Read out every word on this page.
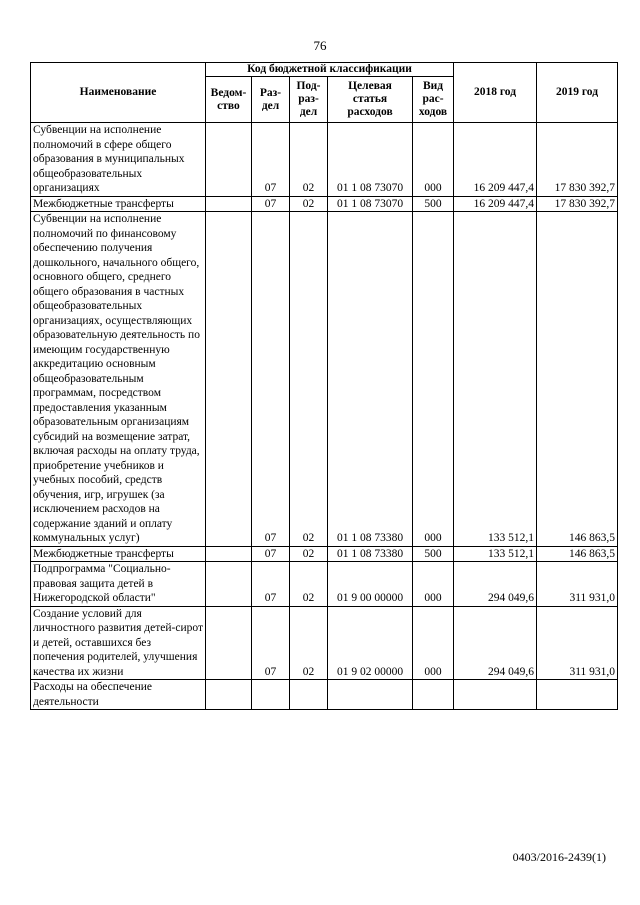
76
Наименование	Код бюджетной классификации					2018 год	2019 год
	Ведом-ство	Раз-дел	Под-раз-дел	Целевая статья расходов	Вид рас-ходов		
Субвенции на исполнение полномочий в сфере общего образования в муниципальных общеобразовательных организациях		07	02	01 1 08 73070	000	16 209 447,4	17 830 392,7
Межбюджетные трансферты		07	02	01 1 08 73070	500	16 209 447,4	17 830 392,7
Субвенции на исполнение полномочий по финансовому обеспечению получения дошкольного, начального общего, основного общего, среднего общего образования в частных общеобразовательных организациях, осуществляющих образовательную деятельность по имеющим государственную аккредитацию основным общеобразовательным программам, посредством предоставления указанным образовательным организациям субсидий на возмещение затрат, включая расходы на оплату труда, приобретение учебников и учебных пособий, средств обучения, игр, игрушек (за исключением расходов на содержание зданий и оплату коммунальных услуг)		07	02	01 1 08 73380	000	133 512,1	146 863,5
Межбюджетные трансферты		07	02	01 1 08 73380	500	133 512,1	146 863,5
Подпрограмма "Социально-правовая защита детей в Нижегородской области"		07	02	01 9 00 00000	000	294 049,6	311 931,0
Создание условий для личностного развития детей-сирот и детей, оставшихся без попечения родителей, улучшения качества их жизни		07	02	01 9 02 00000	000	294 049,6	311 931,0
Расходы на обеспечение деятельности							
0403/2016-2439(1)
